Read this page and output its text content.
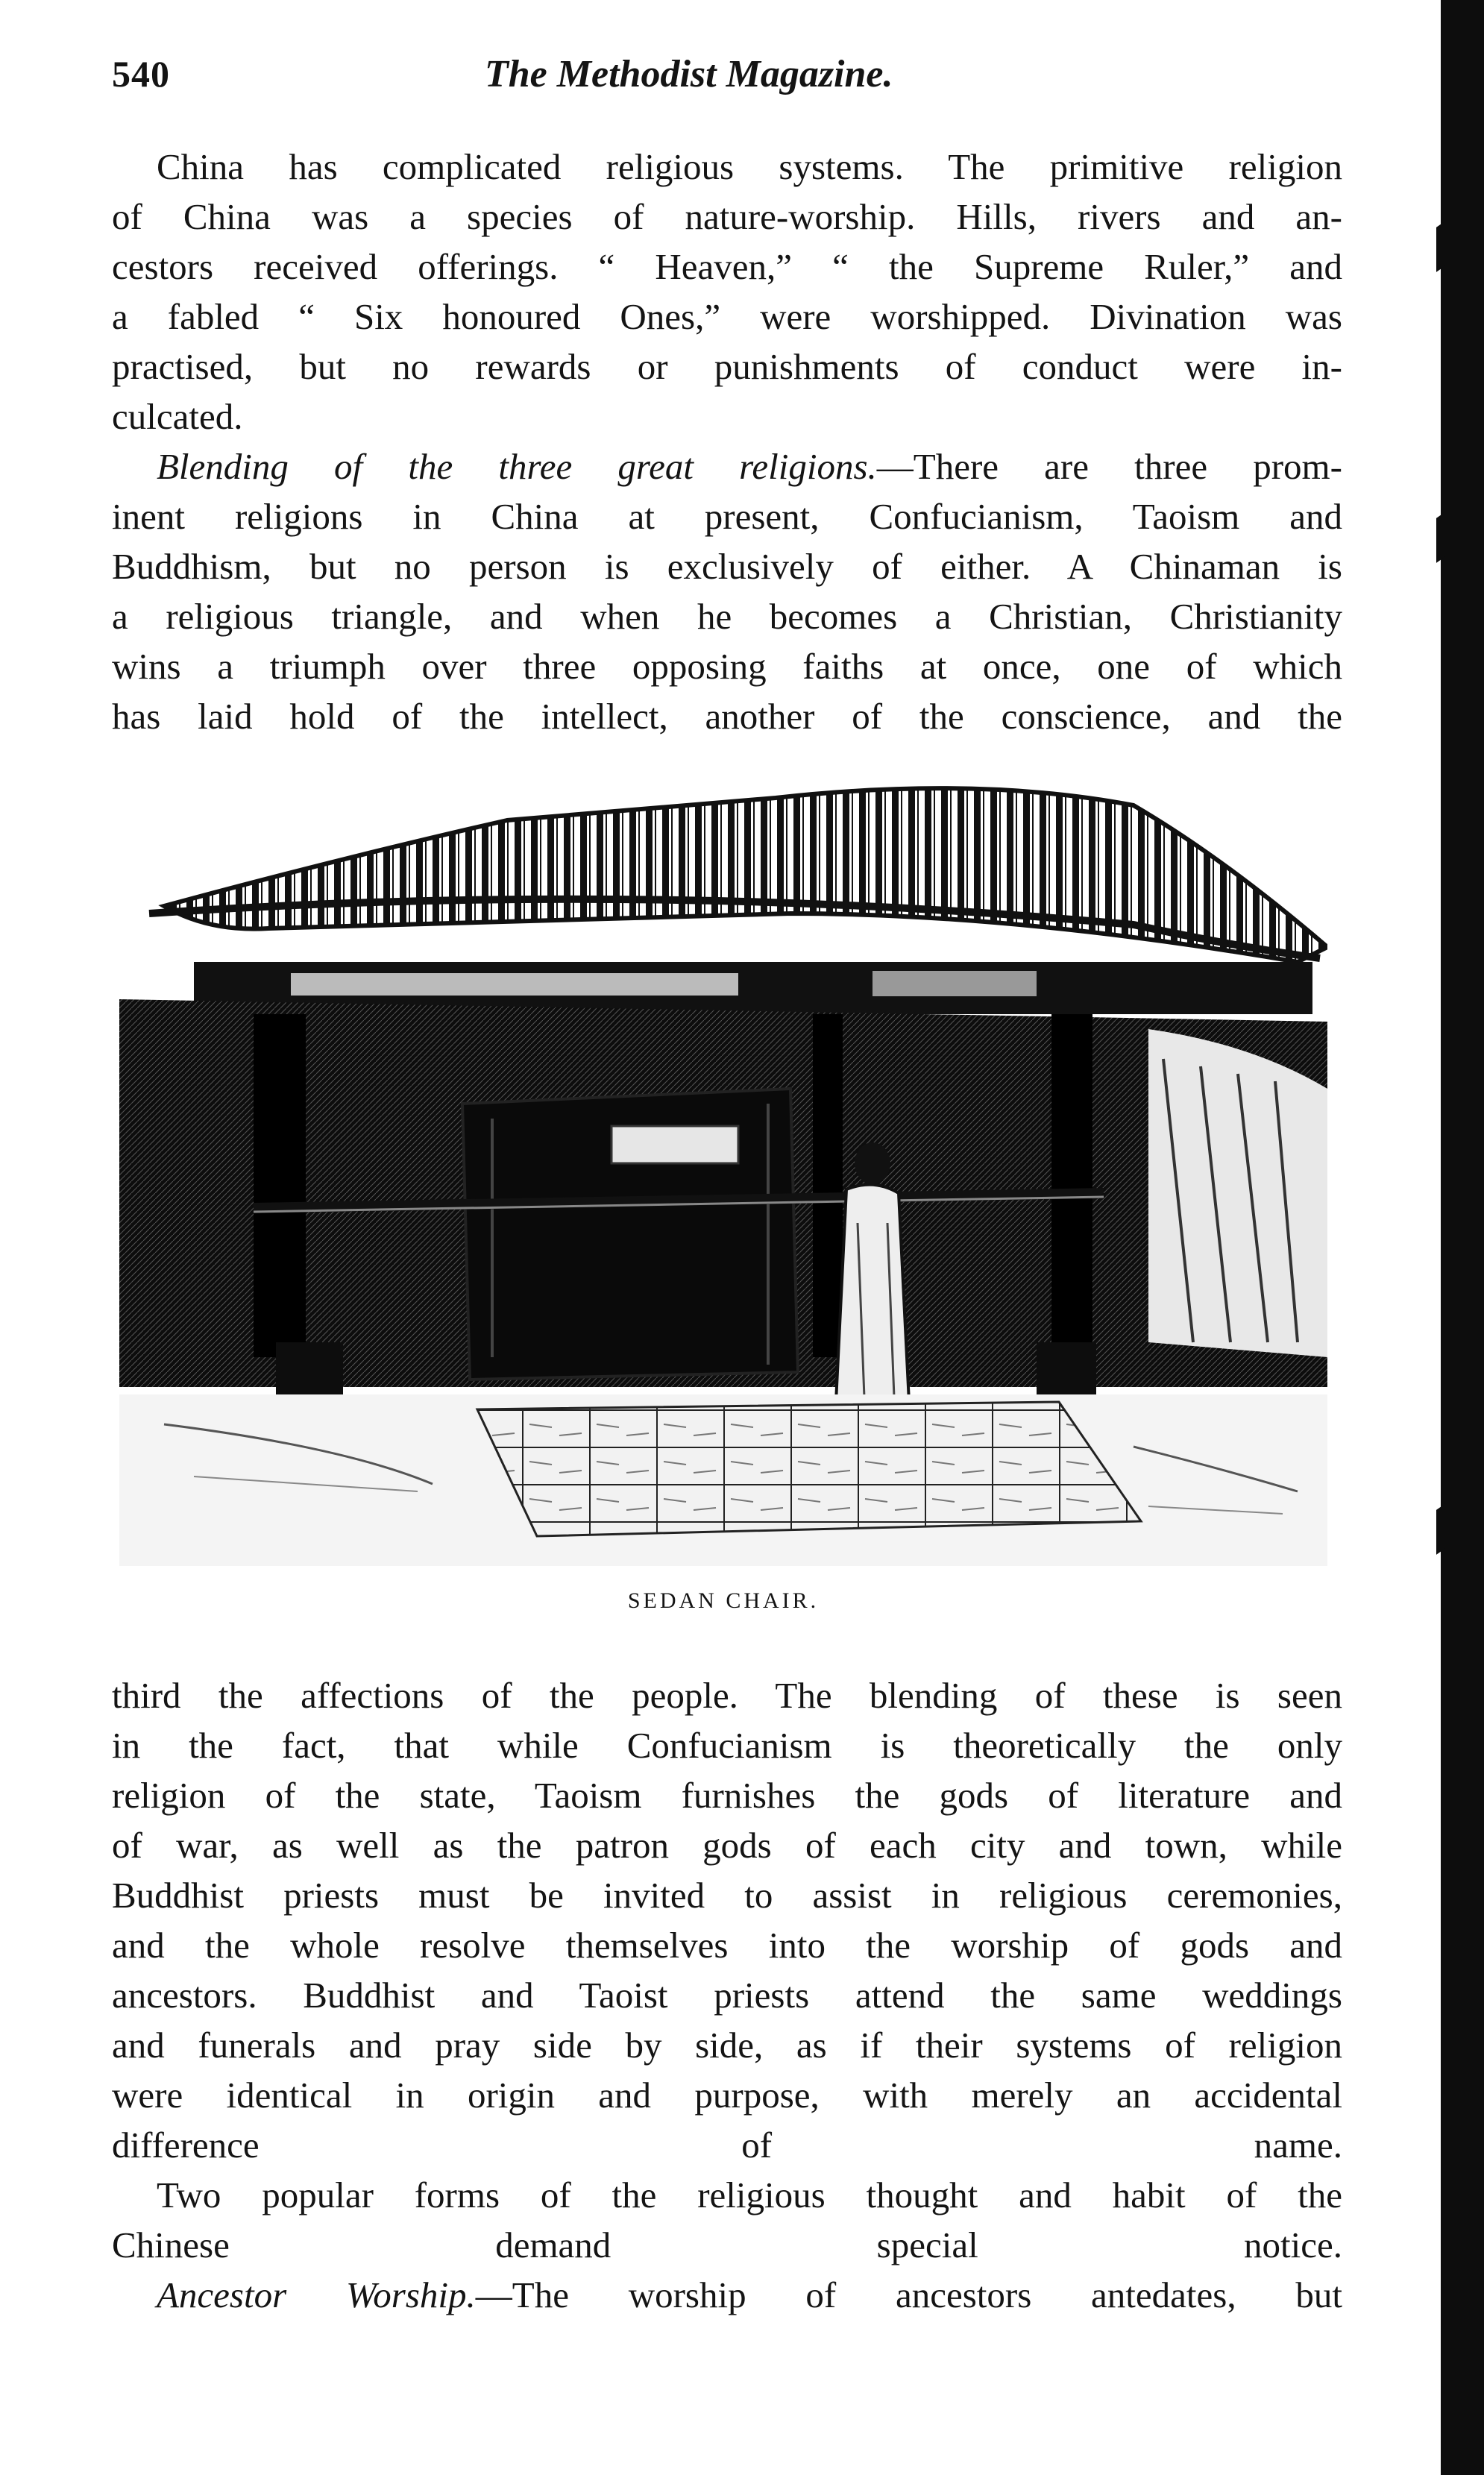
540	The Methodist Magazine.

China has complicated religious systems. The primitive religion
of China was a species of nature-worship. Hills, rivers and an-
cestors received offerings. “ Heaven,” “ the Supreme Ruler,” and
a fabled “ Six honoured Ones,” were worshipped. Divination was
practised, but no rewards or punishments of conduct were in-
culcated.

Blending of the three great religions.—There are three prom-
inent religions in China at present, Confucianism, Taoism and
Buddhism, but no person is exclusively of either. A Chinaman is
a religious triangle, and when he becomes a Christian, Christianity
wins a triumph over three opposing faiths at once, one of which
has laid hold of the intellect, another of the conscience, and the

SEDAN CHAIR.

third the affections of the people. The blending of these is seen
in the fact, that while Confucianism is theoretically the only
religion of the state, Taoism furnishes the gods of literature and
of war, as well as the patron gods of each city and town, while
Buddhist priests must be invited to assist in religious ceremonies,
and the whole resolve themselves into the worship of gods and
ancestors. Buddhist and Taoist priests attend the same weddings
and funerals and pray side by side, as if their systems of religion
were identical in origin and purpose, with merely an accidental
difference of name.

Two popular forms of the religious thought and habit of the
Chinese demand special notice.

Ancestor Worship.—The worship of ancestors antedates, but
